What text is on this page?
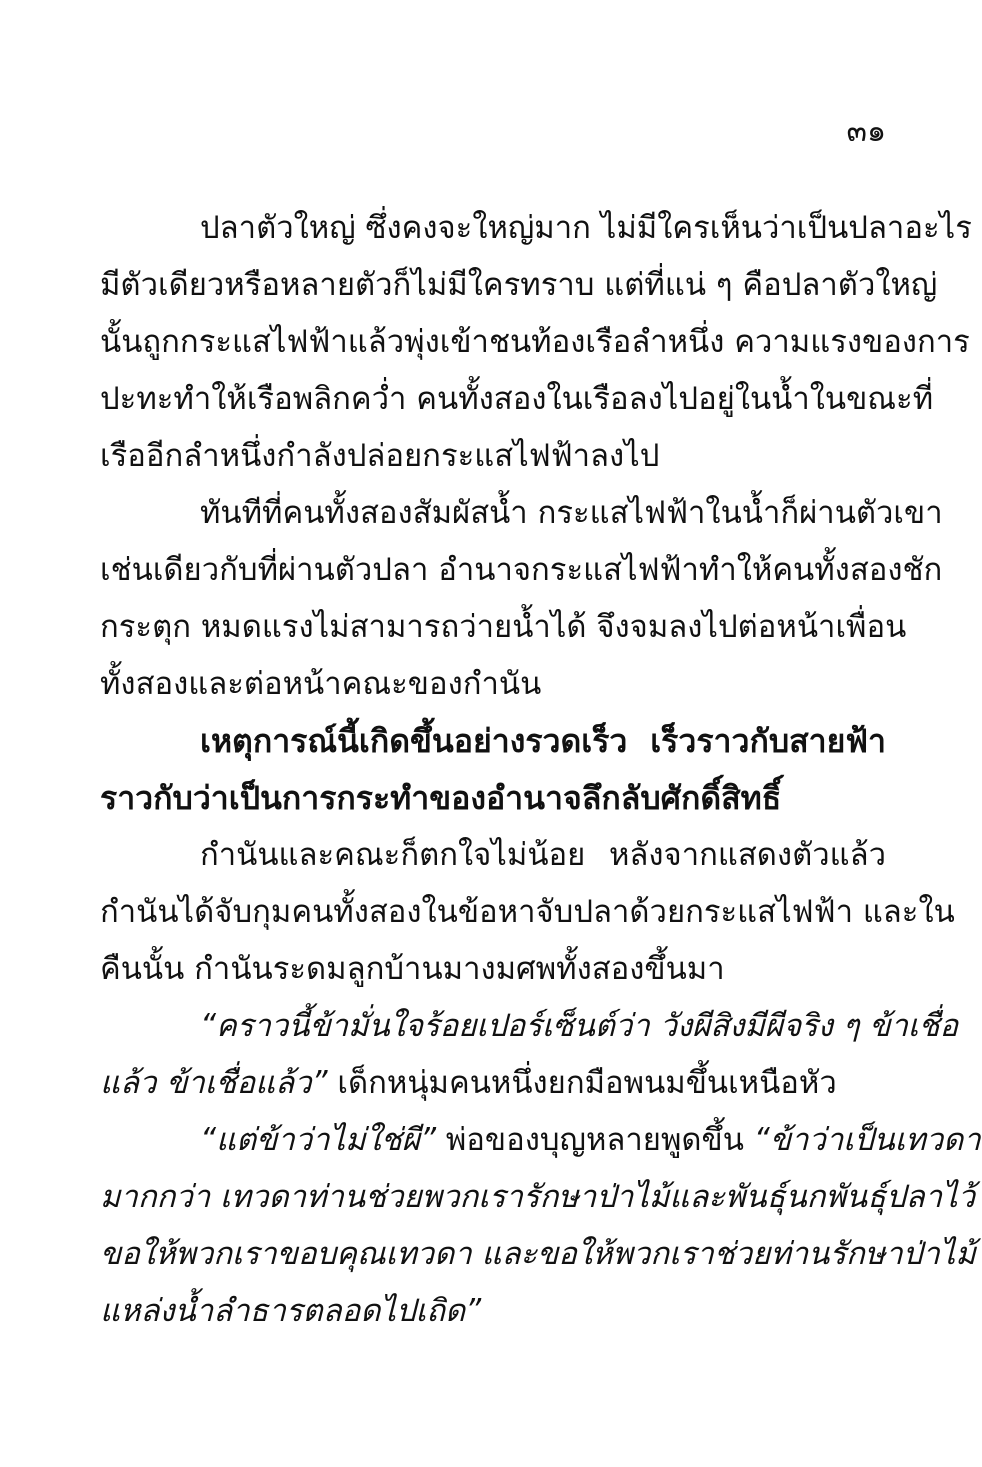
๓๑
ปลาตัวใหญ่ ซึ่งคงจะใหญ่มาก ไม่มีใครเห็นว่าเป็นปลาอะไร
มีตัวเดียวหรือหลายตัวก็ไม่มีใครทราบ แต่ที่แน่ ๆ คือปลาตัวใหญ่
นั้นถูกกระแสไฟฟ้าแล้วพุ่งเข้าชนท้องเรือลำหนึ่ง ความแรงของการ
ปะทะทำให้เรือพลิกคว่ำ คนทั้งสองในเรือลงไปอยู่ในน้ำในขณะที่
เรืออีกลำหนึ่งกำลังปล่อยกระแสไฟฟ้าลงไป
ทันทีที่คนทั้งสองสัมผัสน้ำ กระแสไฟฟ้าในน้ำก็ผ่านตัวเขา
เช่นเดียวกับที่ผ่านตัวปลา อำนาจกระแสไฟฟ้าทำให้คนทั้งสองชัก
กระตุก หมดแรงไม่สามารถว่ายน้ำได้ จึงจมลงไปต่อหน้าเพื่อน
ทั้งสองและต่อหน้าคณะของกำนัน
เหตุการณ์นี้เกิดขึ้นอย่างรวดเร็ว เร็วราวกับสายฟ้า
ราวกับว่าเป็นการกระทำของอำนาจลึกลับศักดิ์สิทธิ์
กำนันและคณะก็ตกใจไม่น้อย หลังจากแสดงตัวแล้ว
กำนันได้จับกุมคนทั้งสองในข้อหาจับปลาด้วยกระแสไฟฟ้า และใน
คืนนั้น กำนันระดมลูกบ้านมางมศพทั้งสองขึ้นมา
“คราวนี้ข้ามั่นใจร้อยเปอร์เซ็นต์ว่า วังผีสิงมีผีจริง ๆ ข้าเชื่อ
แล้ว ข้าเชื่อแล้ว” เด็กหนุ่มคนหนึ่งยกมือพนมขึ้นเหนือหัว
“แต่ข้าว่าไม่ใช่ผี” พ่อของบุญหลายพูดขึ้น “ข้าว่าเป็นเทวดา
มากกว่า เทวดาท่านช่วยพวกเรารักษาป่าไม้และพันธุ์นกพันธุ์ปลาไว้
ขอให้พวกเราขอบคุณเทวดา และขอให้พวกเราช่วยท่านรักษาป่าไม้
แหล่งน้ำลำธารตลอดไปเถิด”
